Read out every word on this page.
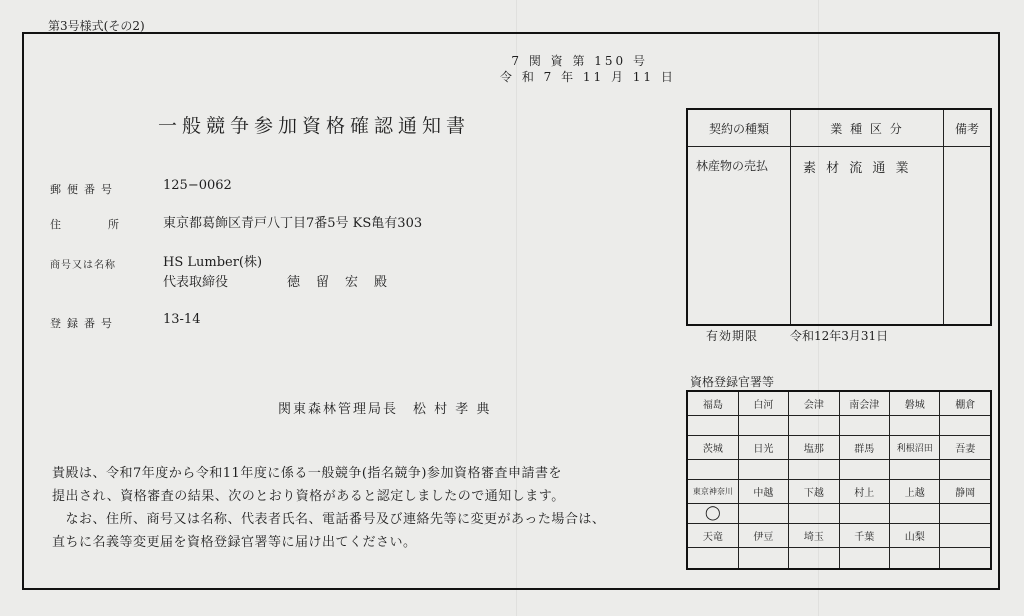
第3号様式(その2)
7 関 資 第 150 号
令 和 7 年 11 月 11 日
一般競争参加資格確認通知書
郵便番号	125−0062
住　所 東京都葛飾区青戸八丁目7番5号 KS亀有303
商号又は名称	HS Lumber(株)
代表取締役	徳留宏殿
登録番号	13-14
関東森林管理局長　松 村 孝 典
貴殿は、令和7年度から令和11年度に係る一般競争(指名競争)参加資格審査申請書を
提出され、資格審査の結果、次のとおり資格があると認定しましたので通知します。
　なお、住所、商号又は名称、代表者氏名、電話番号及び連絡先等に変更があった場合は、
直ちに名義等変更届を資格登録官署等に届け出てください。
契約の種類	業 種 区 分	備考
林産物の売払	素 材 流 通 業	
有効期限	令和12年3月31日
資格登録官署等
福島	白河	会津	南会津	磐城	棚倉

茨城	日光	塩那	群馬	利根沼田	吾妻

東京神奈川	中越	下越	村上	上越	静岡
◯					
天竜	伊豆	埼玉	千葉	山梨	
